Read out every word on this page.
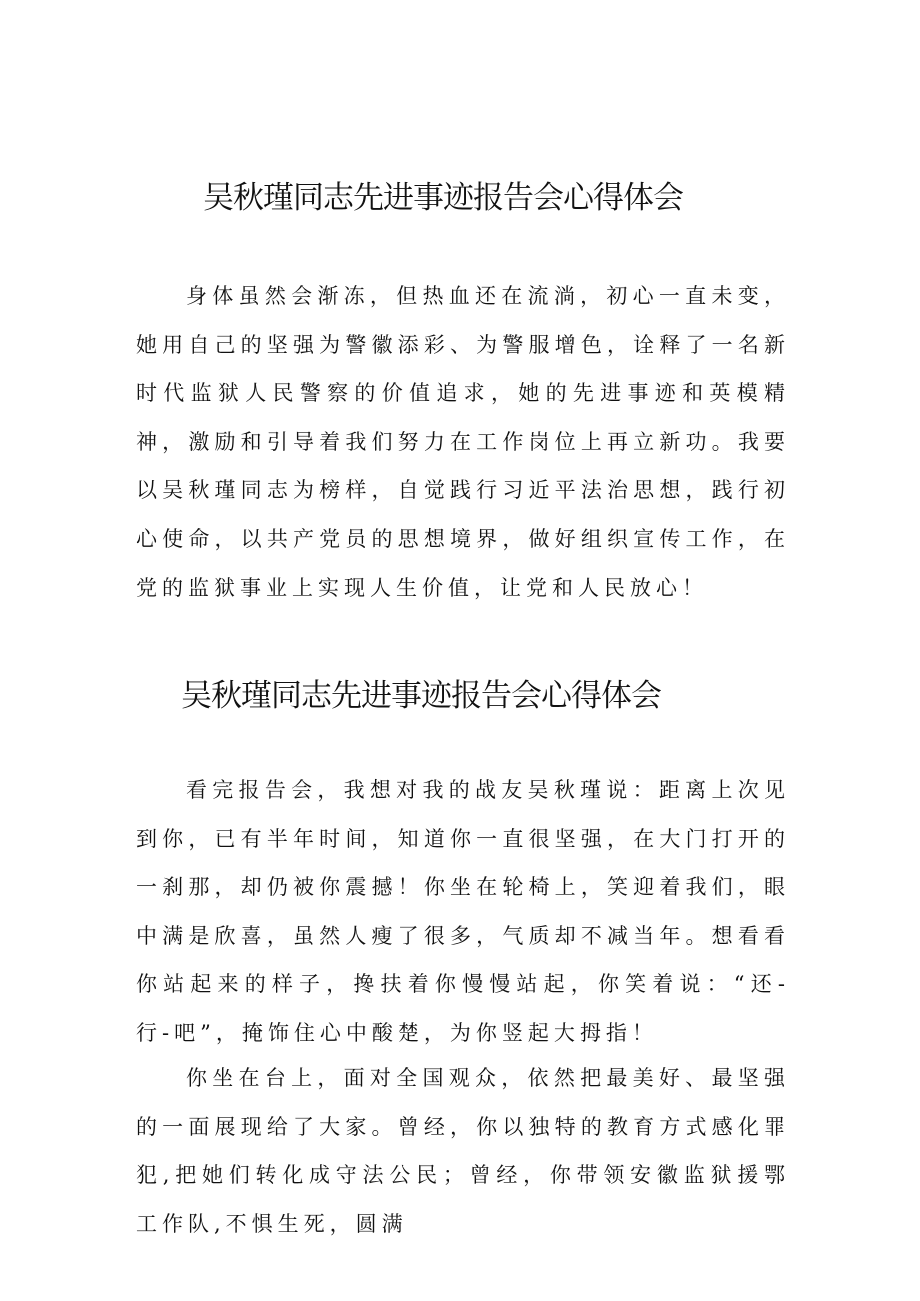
吴秋瑾同志先进事迹报告会心得体会

身体虽然会渐冻，但热血还在流淌，初心一直未变，她用自己的坚强为警徽添彩、为警服增色，诠释了一名新时代监狱人民警察的价值追求，她的先进事迹和英模精神，激励和引导着我们努力在工作岗位上再立新功。我要以吴秋瑾同志为榜样，自觉践行习近平法治思想，践行初心使命，以共产党员的思想境界，做好组织宣传工作，在党的监狱事业上实现人生价值，让党和人民放心！

吴秋瑾同志先进事迹报告会心得体会

看完报告会，我想对我的战友吴秋瑾说：距离上次见到你，已有半年时间，知道你一直很坚强，在大门打开的一刹那，却仍被你震撼！你坐在轮椅上，笑迎着我们，眼中满是欣喜，虽然人瘦了很多，气质却不减当年。想看看你站起来的样子，搀扶着你慢慢站起，你笑着说：“还-行-吧”，掩饰住心中酸楚，为你竖起大拇指！

你坐在台上，面对全国观众，依然把最美好、最坚强的一面展现给了大家。曾经，你以独特的教育方式感化罪犯,把她们转化成守法公民；曾经，你带领安徽监狱援鄂工作队,不惧生死，圆满
